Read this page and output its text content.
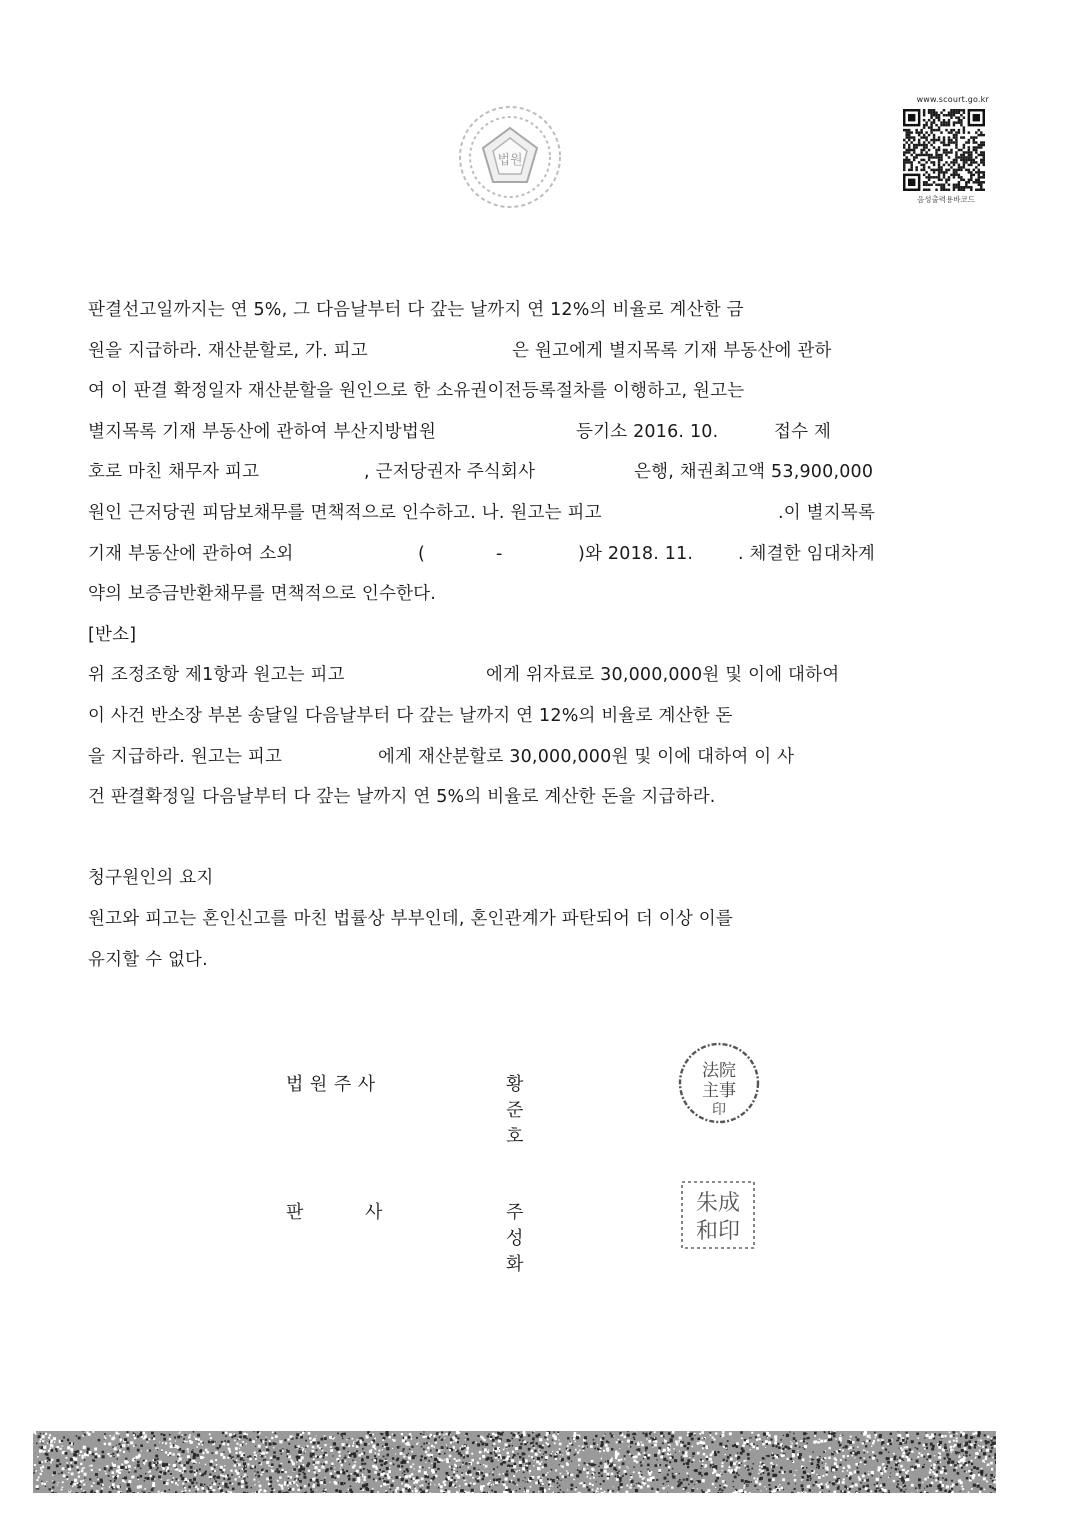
법원
www.scourt.go.kr
음성출력용바코드
판결선고일까지는 연 5%, 그 다음날부터 다 갚는 날까지 연 12%의 비율로 계산한 금
원을 지급하라. 재산분할로, 가. 피고	은 원고에게 별지목록 기재 부동산에 관하
여 이 판결 확정일자 재산분할을 원인으로 한 소유권이전등록절차를 이행하고, 원고는
별지목록 기재 부동산에 관하여 부산지방법원	등기소 2016. 10.	접수 제
호로 마친 채무자 피고	, 근저당권자 주식회사	은행, 채권최고액 53,900,000
원인 근저당권 피담보채무를 면책적으로 인수하고. 나. 원고는 피고	.이 별지목록
기재 부동산에 관하여 소외	(	-	)와 2018. 11.	. 체결한 임대차계
약의 보증금반환채무를 면책적으로 인수한다.
[반소]
위 조정조항 제1항과 원고는 피고	에게 위자료로 30,000,000원 및 이에 대하여
이 사건 반소장 부본 송달일 다음날부터 다 갚는 날까지 연 12%의 비율로 계산한 돈
을 지급하라. 원고는 피고	에게 재산분할로 30,000,000원 및 이에 대하여 이 사
건 판결확정일 다음날부터 다 갚는 날까지 연 5%의 비율로 계산한 돈을 지급하라.
청구원인의 요지
원고와 피고는 혼인신고를 마친 법률상 부부인데, 혼인관계가 파탄되어 더 이상 이를
유지할 수 없다.
법 원 주 사	황준호
法院
主事
印
판          사	주성화
朱成
和印
